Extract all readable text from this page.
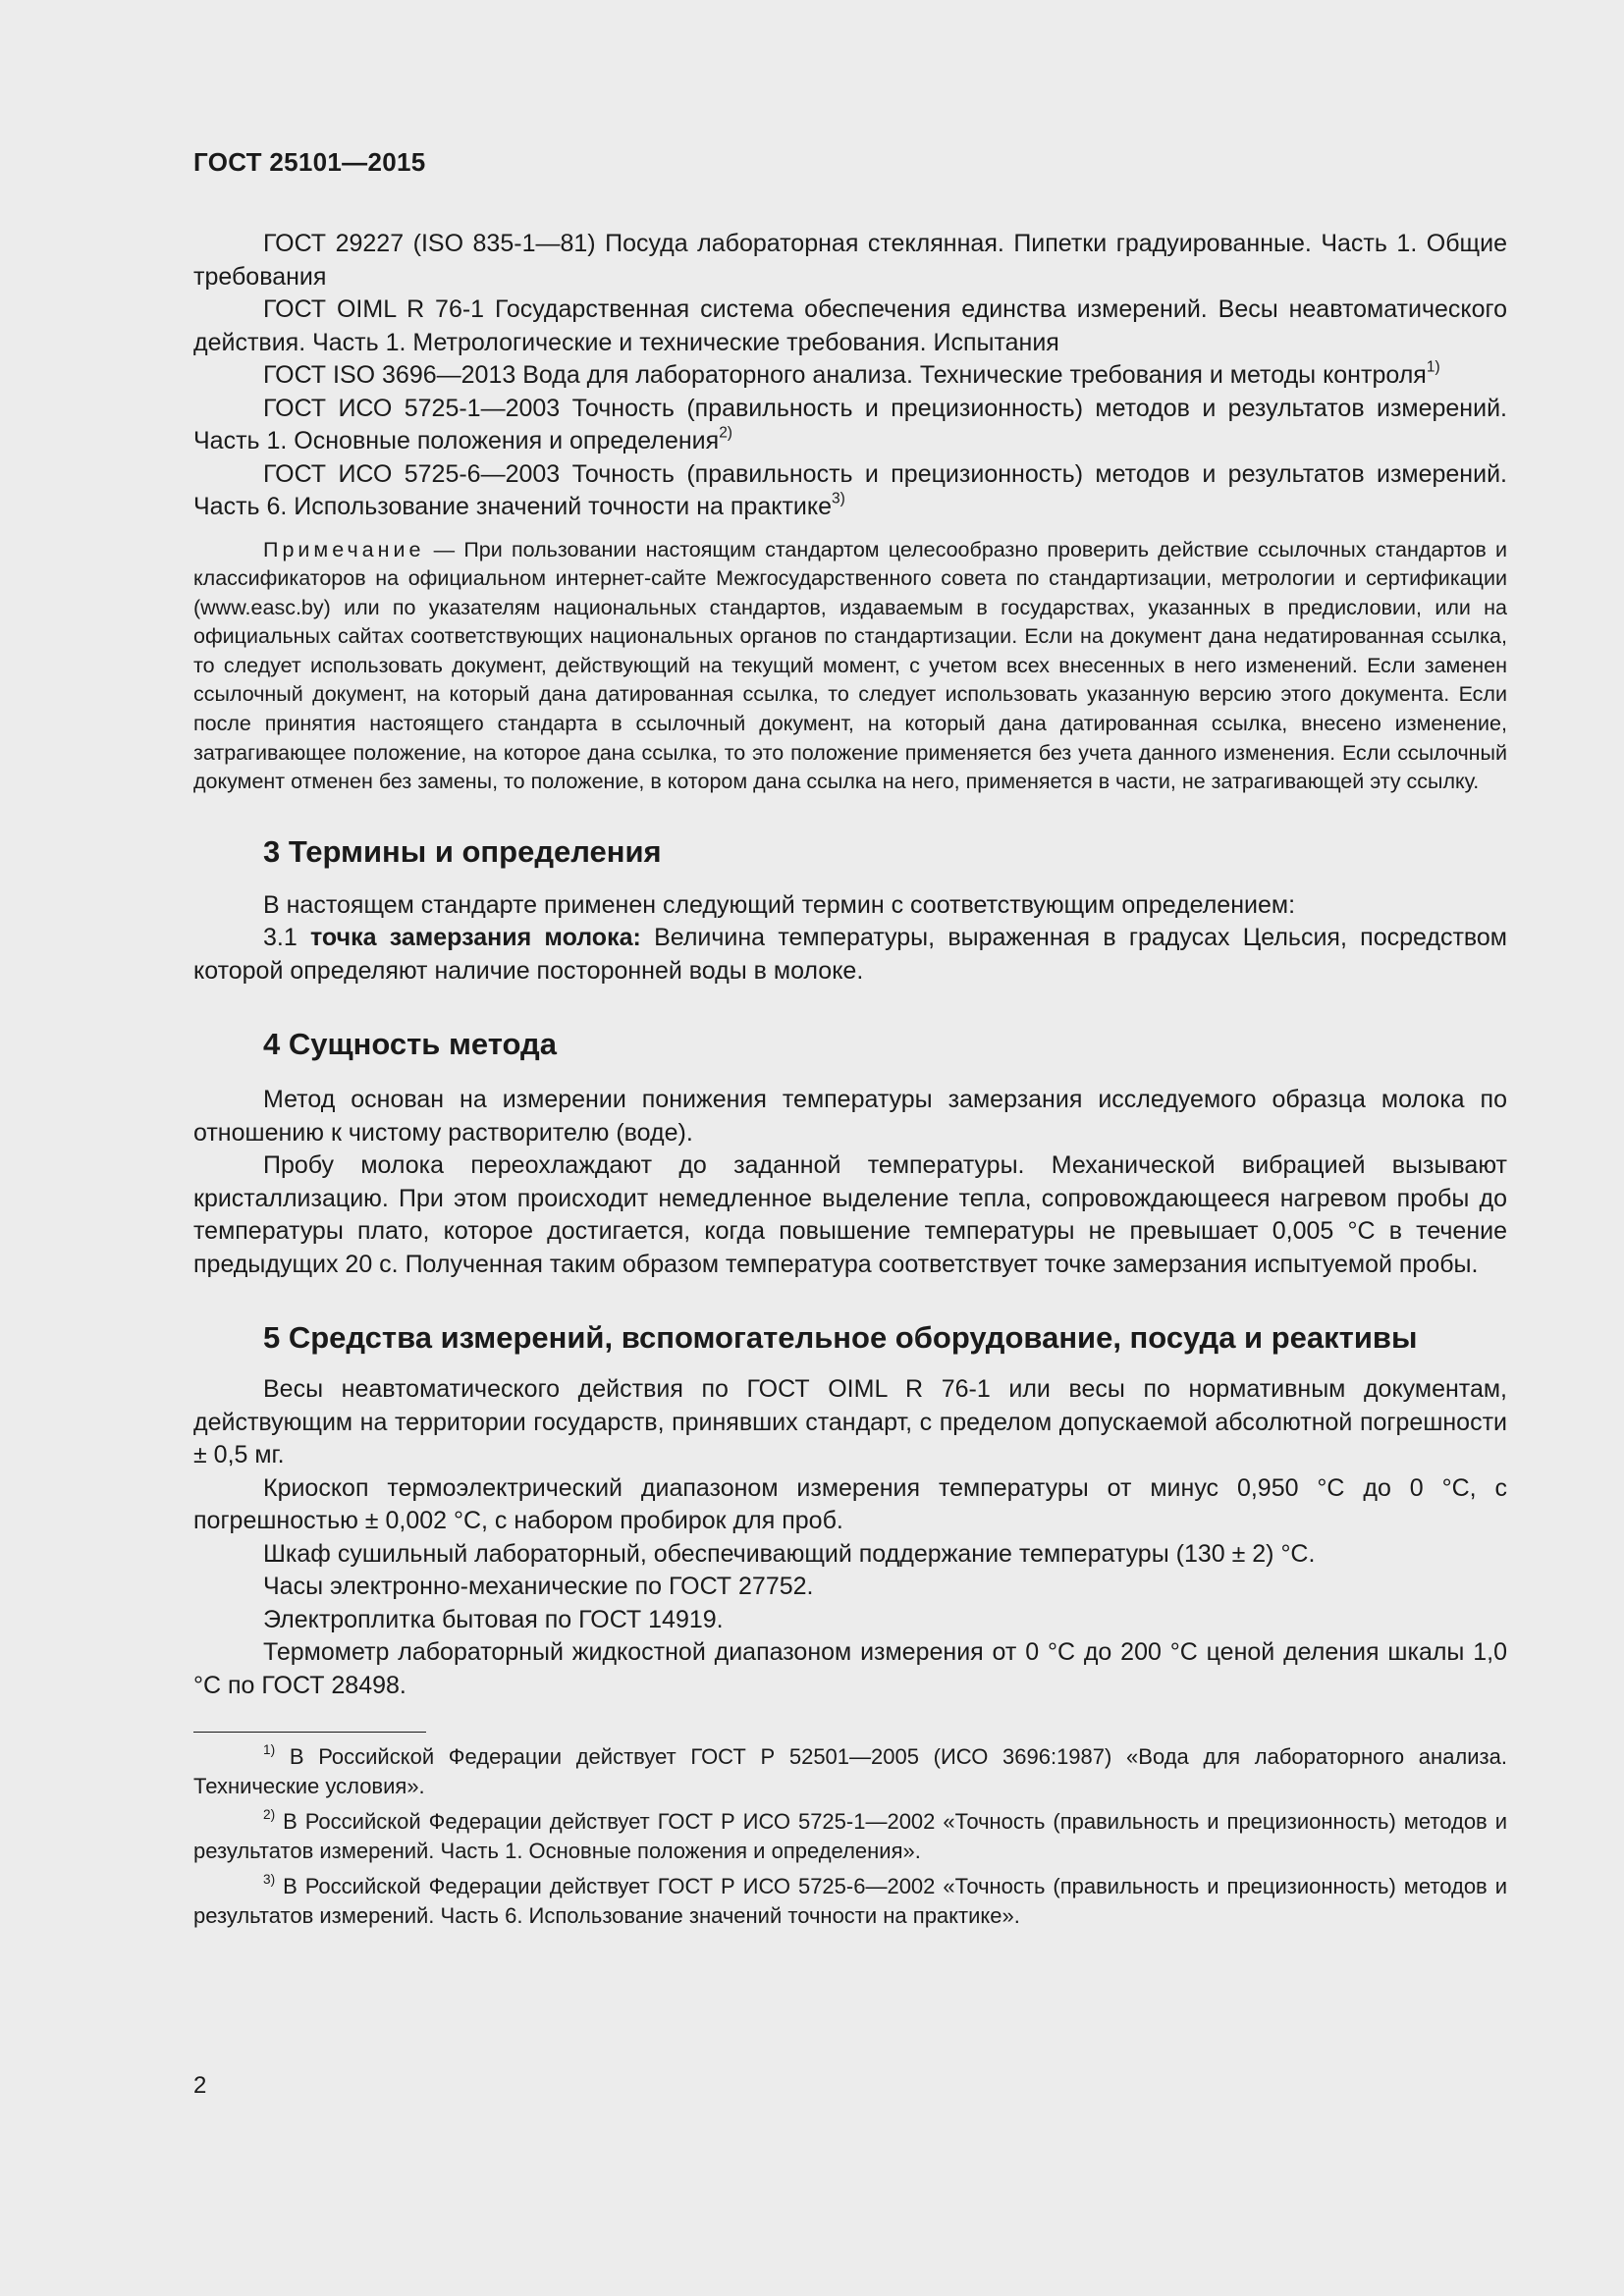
ГОСТ 25101—2015

ГОСТ 29227 (ISO 835-1—81) Посуда лабораторная стеклянная. Пипетки градуированные. Часть 1. Общие требования

ГОСТ OIML R 76-1 Государственная система обеспечения единства измерений. Весы неавтоматического действия. Часть 1. Метрологические и технические требования. Испытания

ГОСТ ISO 3696—2013 Вода для лабораторного анализа. Технические требования и методы контроля$^{1)}$

ГОСТ ИСО 5725-1—2003 Точность (правильность и прецизионность) методов и результатов измерений. Часть 1. Основные положения и определения$^{2)}$

ГОСТ ИСО 5725-6—2003 Точность (правильность и прецизионность) методов и результатов измерений. Часть 6. Использование значений точности на практике$^{3)}$

Примечание — При пользовании настоящим стандартом целесообразно проверить действие ссылочных стандартов и классификаторов на официальном интернет-сайте Межгосударственного совета по стандартизации, метрологии и сертификации (www.easc.by) или по указателям национальных стандартов, издаваемым в государствах, указанных в предисловии, или на официальных сайтах соответствующих национальных органов по стандартизации. Если на документ дана недатированная ссылка, то следует использовать документ, действующий на текущий момент, с учетом всех внесенных в него изменений. Если заменен ссылочный документ, на который дана датированная ссылка, то следует использовать указанную версию этого документа. Если после принятия настоящего стандарта в ссылочный документ, на который дана датированная ссылка, внесено изменение, затрагивающее положение, на которое дана ссылка, то это положение применяется без учета данного изменения. Если ссылочный документ отменен без замены, то положение, в котором дана ссылка на него, применяется в части, не затрагивающей эту ссылку.

3 Термины и определения

В настоящем стандарте применен следующий термин с соответствующим определением:

3.1 точка замерзания молока: Величина температуры, выраженная в градусах Цельсия, посредством которой определяют наличие посторонней воды в молоке.

4 Сущность метода

Метод основан на измерении понижения температуры замерзания исследуемого образца молока по отношению к чистому растворителю (воде).

Пробу молока переохлаждают до заданной температуры. Механической вибрацией вызывают кристаллизацию. При этом происходит немедленное выделение тепла, сопровождающееся нагревом пробы до температуры плато, которое достигается, когда повышение температуры не превышает 0,005 °С в течение предыдущих 20 с. Полученная таким образом температура соответствует точке замерзания испытуемой пробы.

5 Средства измерений, вспомогательное оборудование, посуда и реактивы

Весы неавтоматического действия по ГОСТ OIML R 76-1 или весы по нормативным документам, действующим на территории государств, принявших стандарт, с пределом допускаемой абсолютной погрешности ± 0,5 мг.

Криоскоп термоэлектрический диапазоном измерения температуры от минус 0,950 °С до 0 °С, с погрешностью ± 0,002 °С, с набором пробирок для проб.

Шкаф сушильный лабораторный, обеспечивающий поддержание температуры (130 ± 2) °С.

Часы электронно-механические по ГОСТ 27752.

Электроплитка бытовая по ГОСТ 14919.

Термометр лабораторный жидкостной диапазоном измерения от 0 °С до 200 °С ценой деления шкалы 1,0 °С по ГОСТ 28498.

$^{1)}$ В Российской Федерации действует ГОСТ Р 52501—2005 (ИСО 3696:1987) «Вода для лабораторного анализа. Технические условия».

$^{2)}$ В Российской Федерации действует ГОСТ Р ИСО 5725-1—2002 «Точность (правильность и прецизионность) методов и результатов измерений. Часть 1. Основные положения и определения».

$^{3)}$ В Российской Федерации действует ГОСТ Р ИСО 5725-6—2002 «Точность (правильность и прецизионность) методов и результатов измерений. Часть 6. Использование значений точности на практике».

2
